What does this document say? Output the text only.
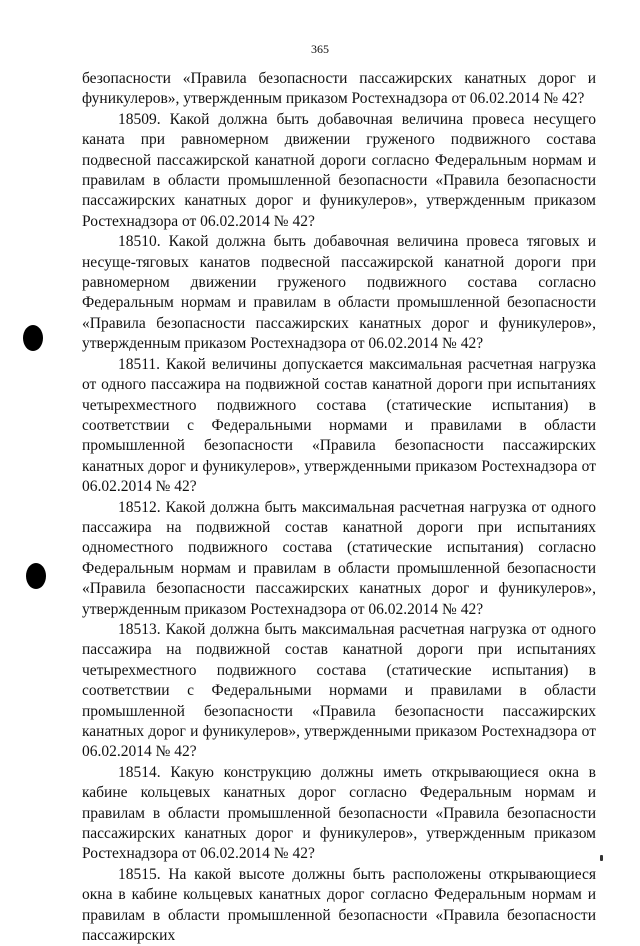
365

безопасности «Правила безопасности пассажирских канатных дорог и фуникулеров», утвержденным приказом Ростехнадзора от 06.02.2014 № 42?

18509. Какой должна быть добавочная величина провеса несущего каната при равномерном движении груженого подвижного состава подвесной пассажирской канатной дороги согласно Федеральным нормам и правилам в области промышленной безопасности «Правила безопасности пассажирских канатных дорог и фуникулеров», утвержденным приказом Ростехнадзора от 06.02.2014 № 42?

18510. Какой должна быть добавочная величина провеса тяговых и несуще-тяговых канатов подвесной пассажирской канатной дороги при равномерном движении груженого подвижного состава согласно Федеральным нормам и правилам в области промышленной безопасности «Правила безопасности пассажирских канатных дорог и фуникулеров», утвержденным приказом Ростехнадзора от 06.02.2014 № 42?

18511. Какой величины допускается максимальная расчетная нагрузка от одного пассажира на подвижной состав канатной дороги при испытаниях четырехместного подвижного состава (статические испытания) в соответствии с Федеральными нормами и правилами в области промышленной безопасности «Правила безопасности пассажирских канатных дорог и фуникулеров», утвержденными приказом Ростехнадзора от 06.02.2014 № 42?

18512. Какой должна быть максимальная расчетная нагрузка от одного пассажира на подвижной состав канатной дороги при испытаниях одноместного подвижного состава (статические испытания) согласно Федеральным нормам и правилам в области промышленной безопасности «Правила безопасности пассажирских канатных дорог и фуникулеров», утвержденным приказом Ростехнадзора от 06.02.2014 № 42?

18513. Какой должна быть максимальная расчетная нагрузка от одного пассажира на подвижной состав канатной дороги при испытаниях четырехместного подвижного состава (статические испытания) в соответствии с Федеральными нормами и правилами в области промышленной безопасности «Правила безопасности пассажирских канатных дорог и фуникулеров», утвержденными приказом Ростехнадзора от 06.02.2014 № 42?

18514. Какую конструкцию должны иметь открывающиеся окна в кабине кольцевых канатных дорог согласно Федеральным нормам и правилам в области промышленной безопасности «Правила безопасности пассажирских канатных дорог и фуникулеров», утвержденным приказом Ростехнадзора от 06.02.2014 № 42?

18515. На какой высоте должны быть расположены открывающиеся окна в кабине кольцевых канатных дорог согласно Федеральным нормам и правилам в области промышленной безопасности «Правила безопасности пассажирских
